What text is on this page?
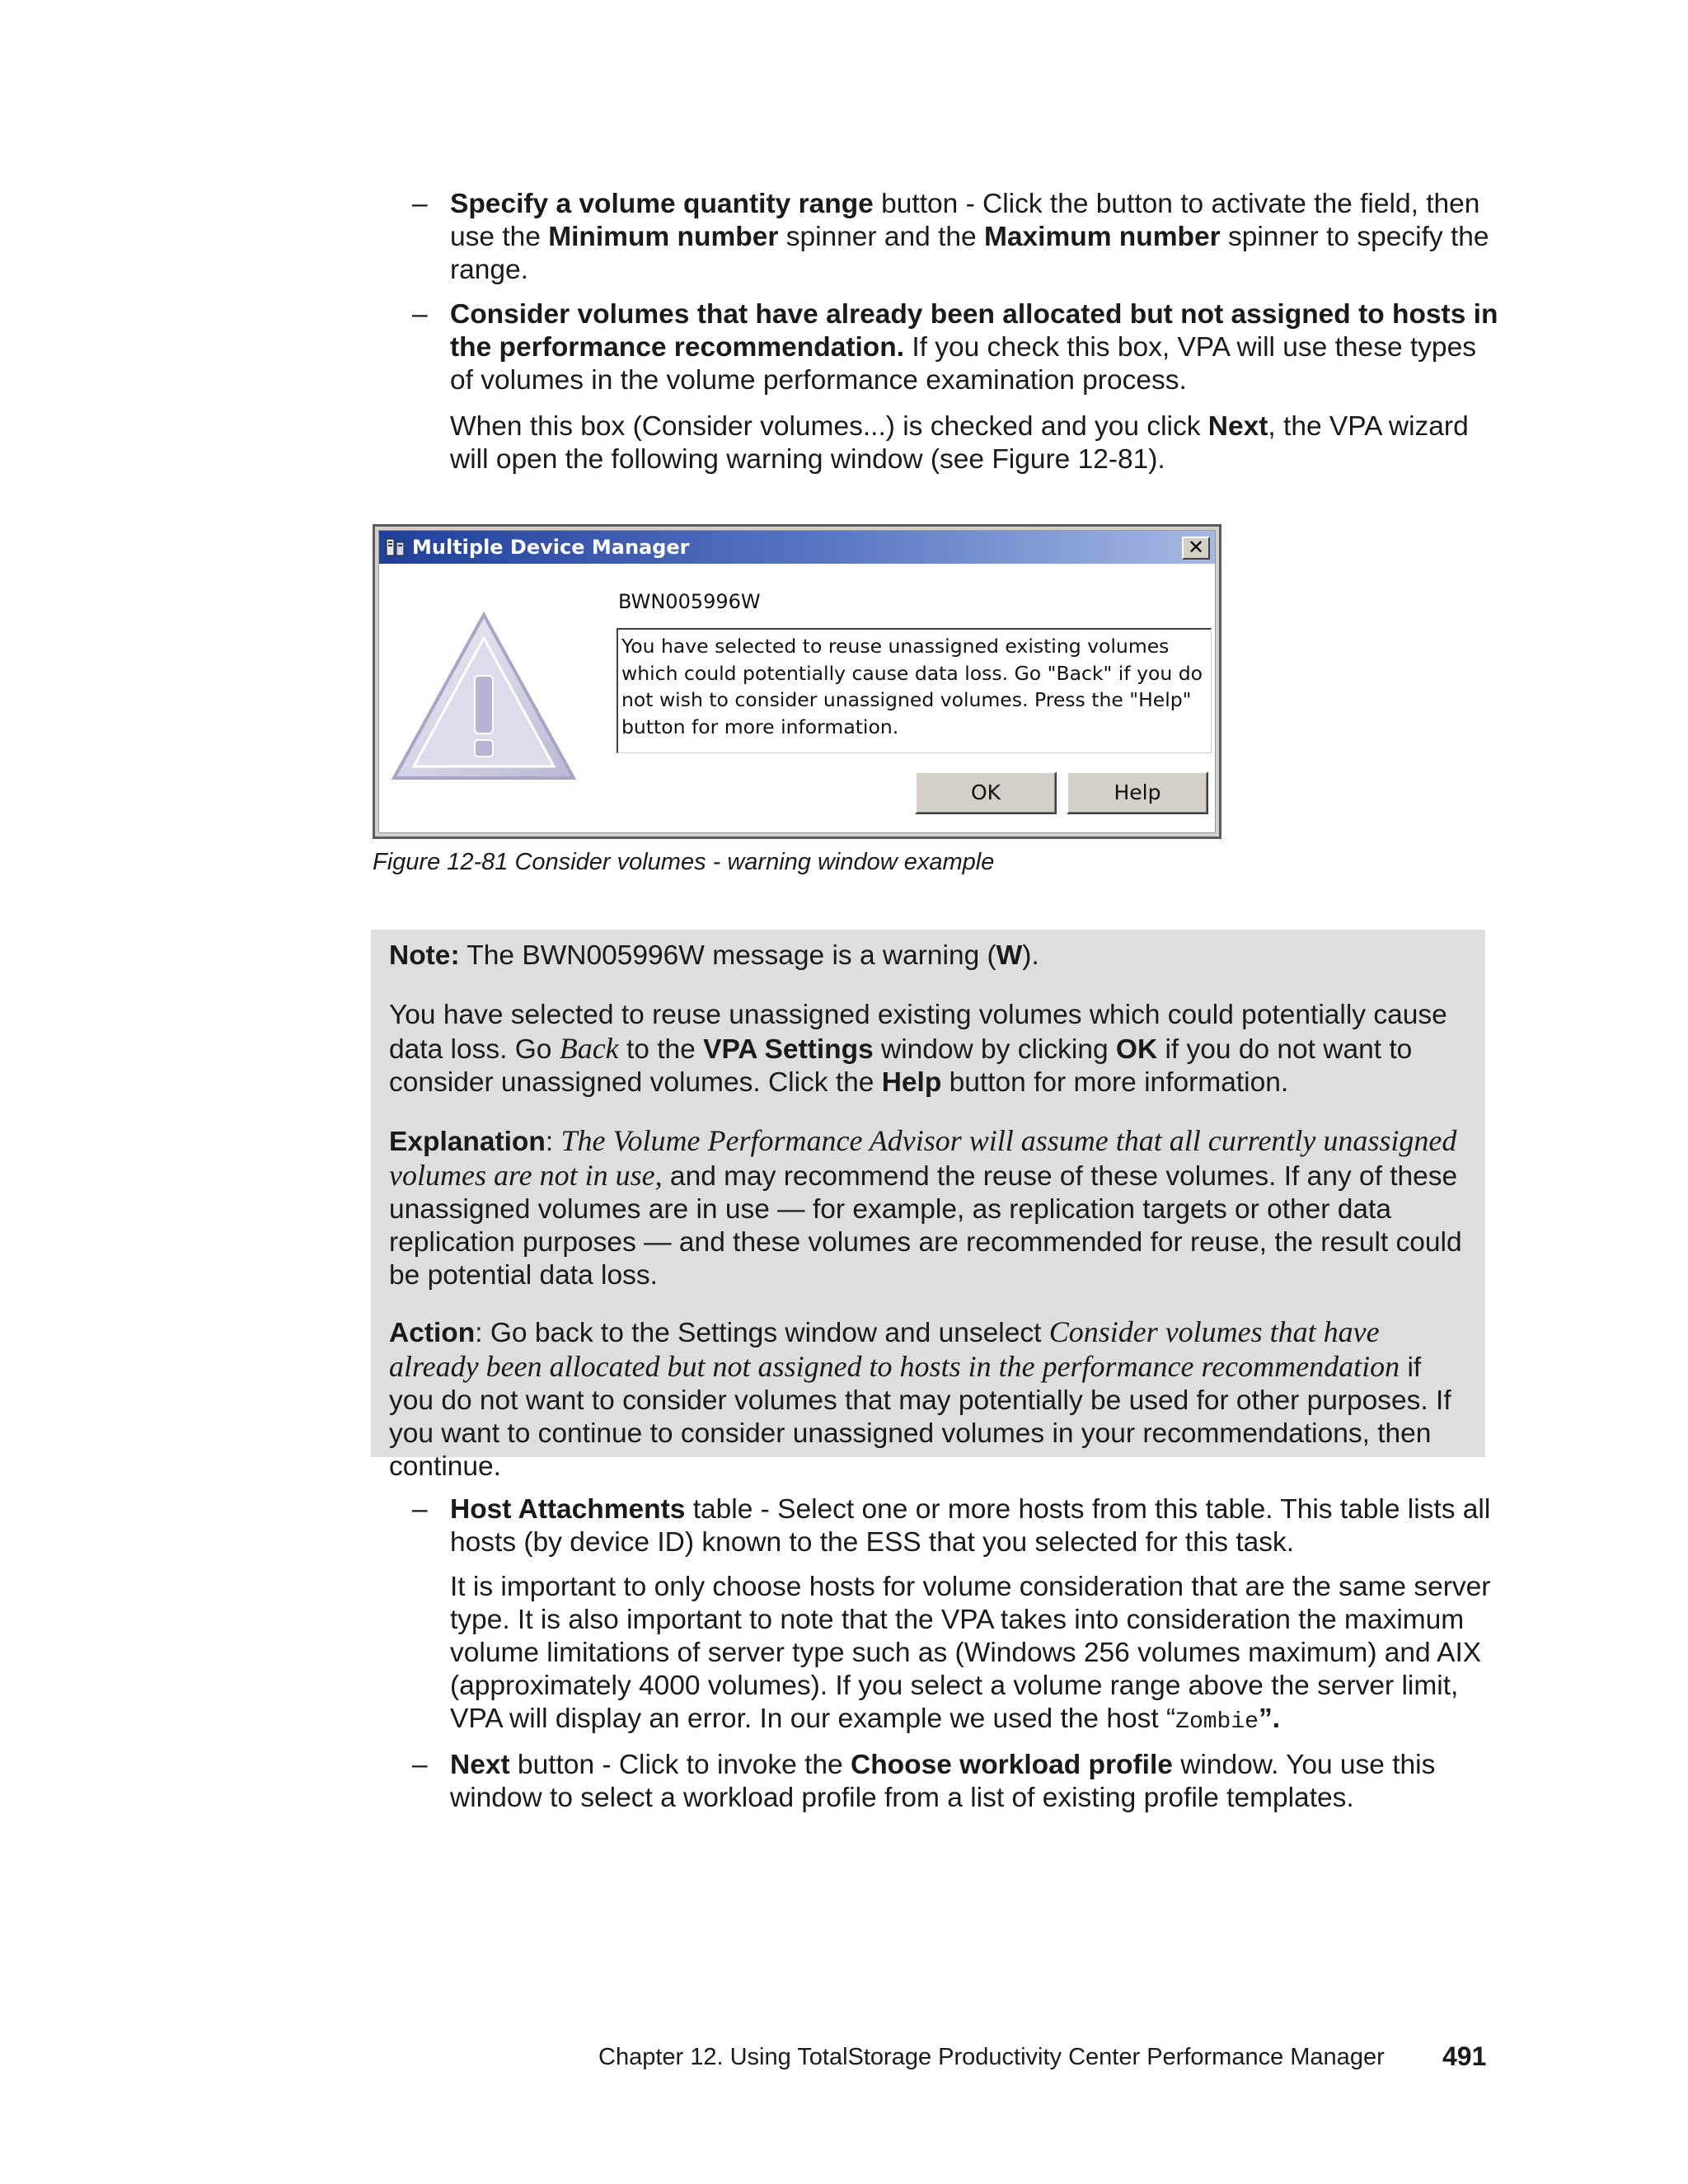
– Specify a volume quantity range button - Click the button to activate the field, then use the Minimum number spinner and the Maximum number spinner to specify the range.
– Consider volumes that have already been allocated but not assigned to hosts in the performance recommendation. If you check this box, VPA will use these types of volumes in the volume performance examination process.
When this box (Consider volumes...) is checked and you click Next, the VPA wizard will open the following warning window (see Figure 12-81).
Multiple Device Manager	✕
BWN005996W
You have selected to reuse unassigned existing volumes
which could potentially cause data loss. Go "Back" if you do
not wish to consider unassigned volumes. Press the "Help"
button for more information.
OK	Help
Figure 12-81 Consider volumes - warning window example

Note: The BWN005996W message is a warning (W).

You have selected to reuse unassigned existing volumes which could potentially cause data loss. Go Back to the VPA Settings window by clicking OK if you do not want to consider unassigned volumes. Click the Help button for more information.

Explanation: The Volume Performance Advisor will assume that all currently unassigned volumes are not in use, and may recommend the reuse of these volumes. If any of these unassigned volumes are in use — for example, as replication targets or other data replication purposes — and these volumes are recommended for reuse, the result could be potential data loss.

Action: Go back to the Settings window and unselect Consider volumes that have already been allocated but not assigned to hosts in the performance recommendation if you do not want to consider volumes that may potentially be used for other purposes. If you want to continue to consider unassigned volumes in your recommendations, then continue.

– Host Attachments table - Select one or more hosts from this table. This table lists all hosts (by device ID) known to the ESS that you selected for this task.
It is important to only choose hosts for volume consideration that are the same server type. It is also important to note that the VPA takes into consideration the maximum volume limitations of server type such as (Windows 256 volumes maximum) and AIX (approximately 4000 volumes). If you select a volume range above the server limit, VPA will display an error. In our example we used the host “Zombie”.
– Next button - Click to invoke the Choose workload profile window. You use this window to select a workload profile from a list of existing profile templates.
Chapter 12. Using TotalStorage Productivity Center Performance Manager 491
